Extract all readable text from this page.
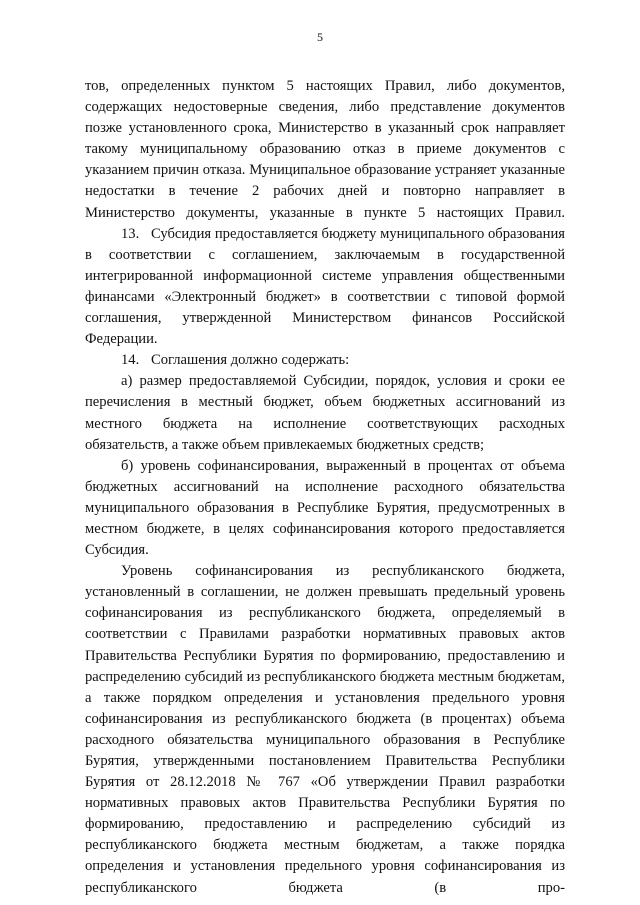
5

тов, определенных пунктом 5 настоящих Правил, либо документов, содержащих недостоверные сведения, либо представление документов позже установленного срока, Министерство в указанный срок направляет такому муниципальному образованию отказ в приеме документов с указанием причин отказа. Муниципальное образование устраняет указанные недостатки в течение 2 рабочих дней и повторно направляет в Министерство документы, указанные в пункте 5 настоящих Правил.

13. Субсидия предоставляется бюджету муниципального образования в соответствии с соглашением, заключаемым в государственной интегрированной информационной системе управления общественными финансами «Электронный бюджет» в соответствии с типовой формой соглашения, утвержденной Министерством финансов Российской Федерации.

14. Соглашения должно содержать:

а) размер предоставляемой Субсидии, порядок, условия и сроки ее перечисления в местный бюджет, объем бюджетных ассигнований из местного бюджета на исполнение соответствующих расходных обязательств, а также объем привлекаемых бюджетных средств;

б) уровень софинансирования, выраженный в процентах от объема бюджетных ассигнований на исполнение расходного обязательства муниципального образования в Республике Бурятия, предусмотренных в местном бюджете, в целях софинансирования которого предоставляется Субсидия.

Уровень софинансирования из республиканского бюджета, установленный в соглашении, не должен превышать предельный уровень софинансирования из республиканского бюджета, определяемый в соответствии с Правилами разработки нормативных правовых актов Правительства Республики Бурятия по формированию, предоставлению и распределению субсидий из республиканского бюджета местным бюджетам, а также порядком определения и установления предельного уровня софинансирования из республиканского бюджета (в процентах) объема расходного обязательства муниципального образования в Республике Бурятия, утвержденными постановлением Правительства Республики Бурятия от 28.12.2018 № 767 «Об утверждении Правил разработки нормативных правовых актов Правительства Республики Бурятия по формированию, предоставлению и распределению субсидий из республиканского бюджета местным бюджетам, а также порядка определения и установления предельного уровня софинансирования из республиканского бюджета (в про-
